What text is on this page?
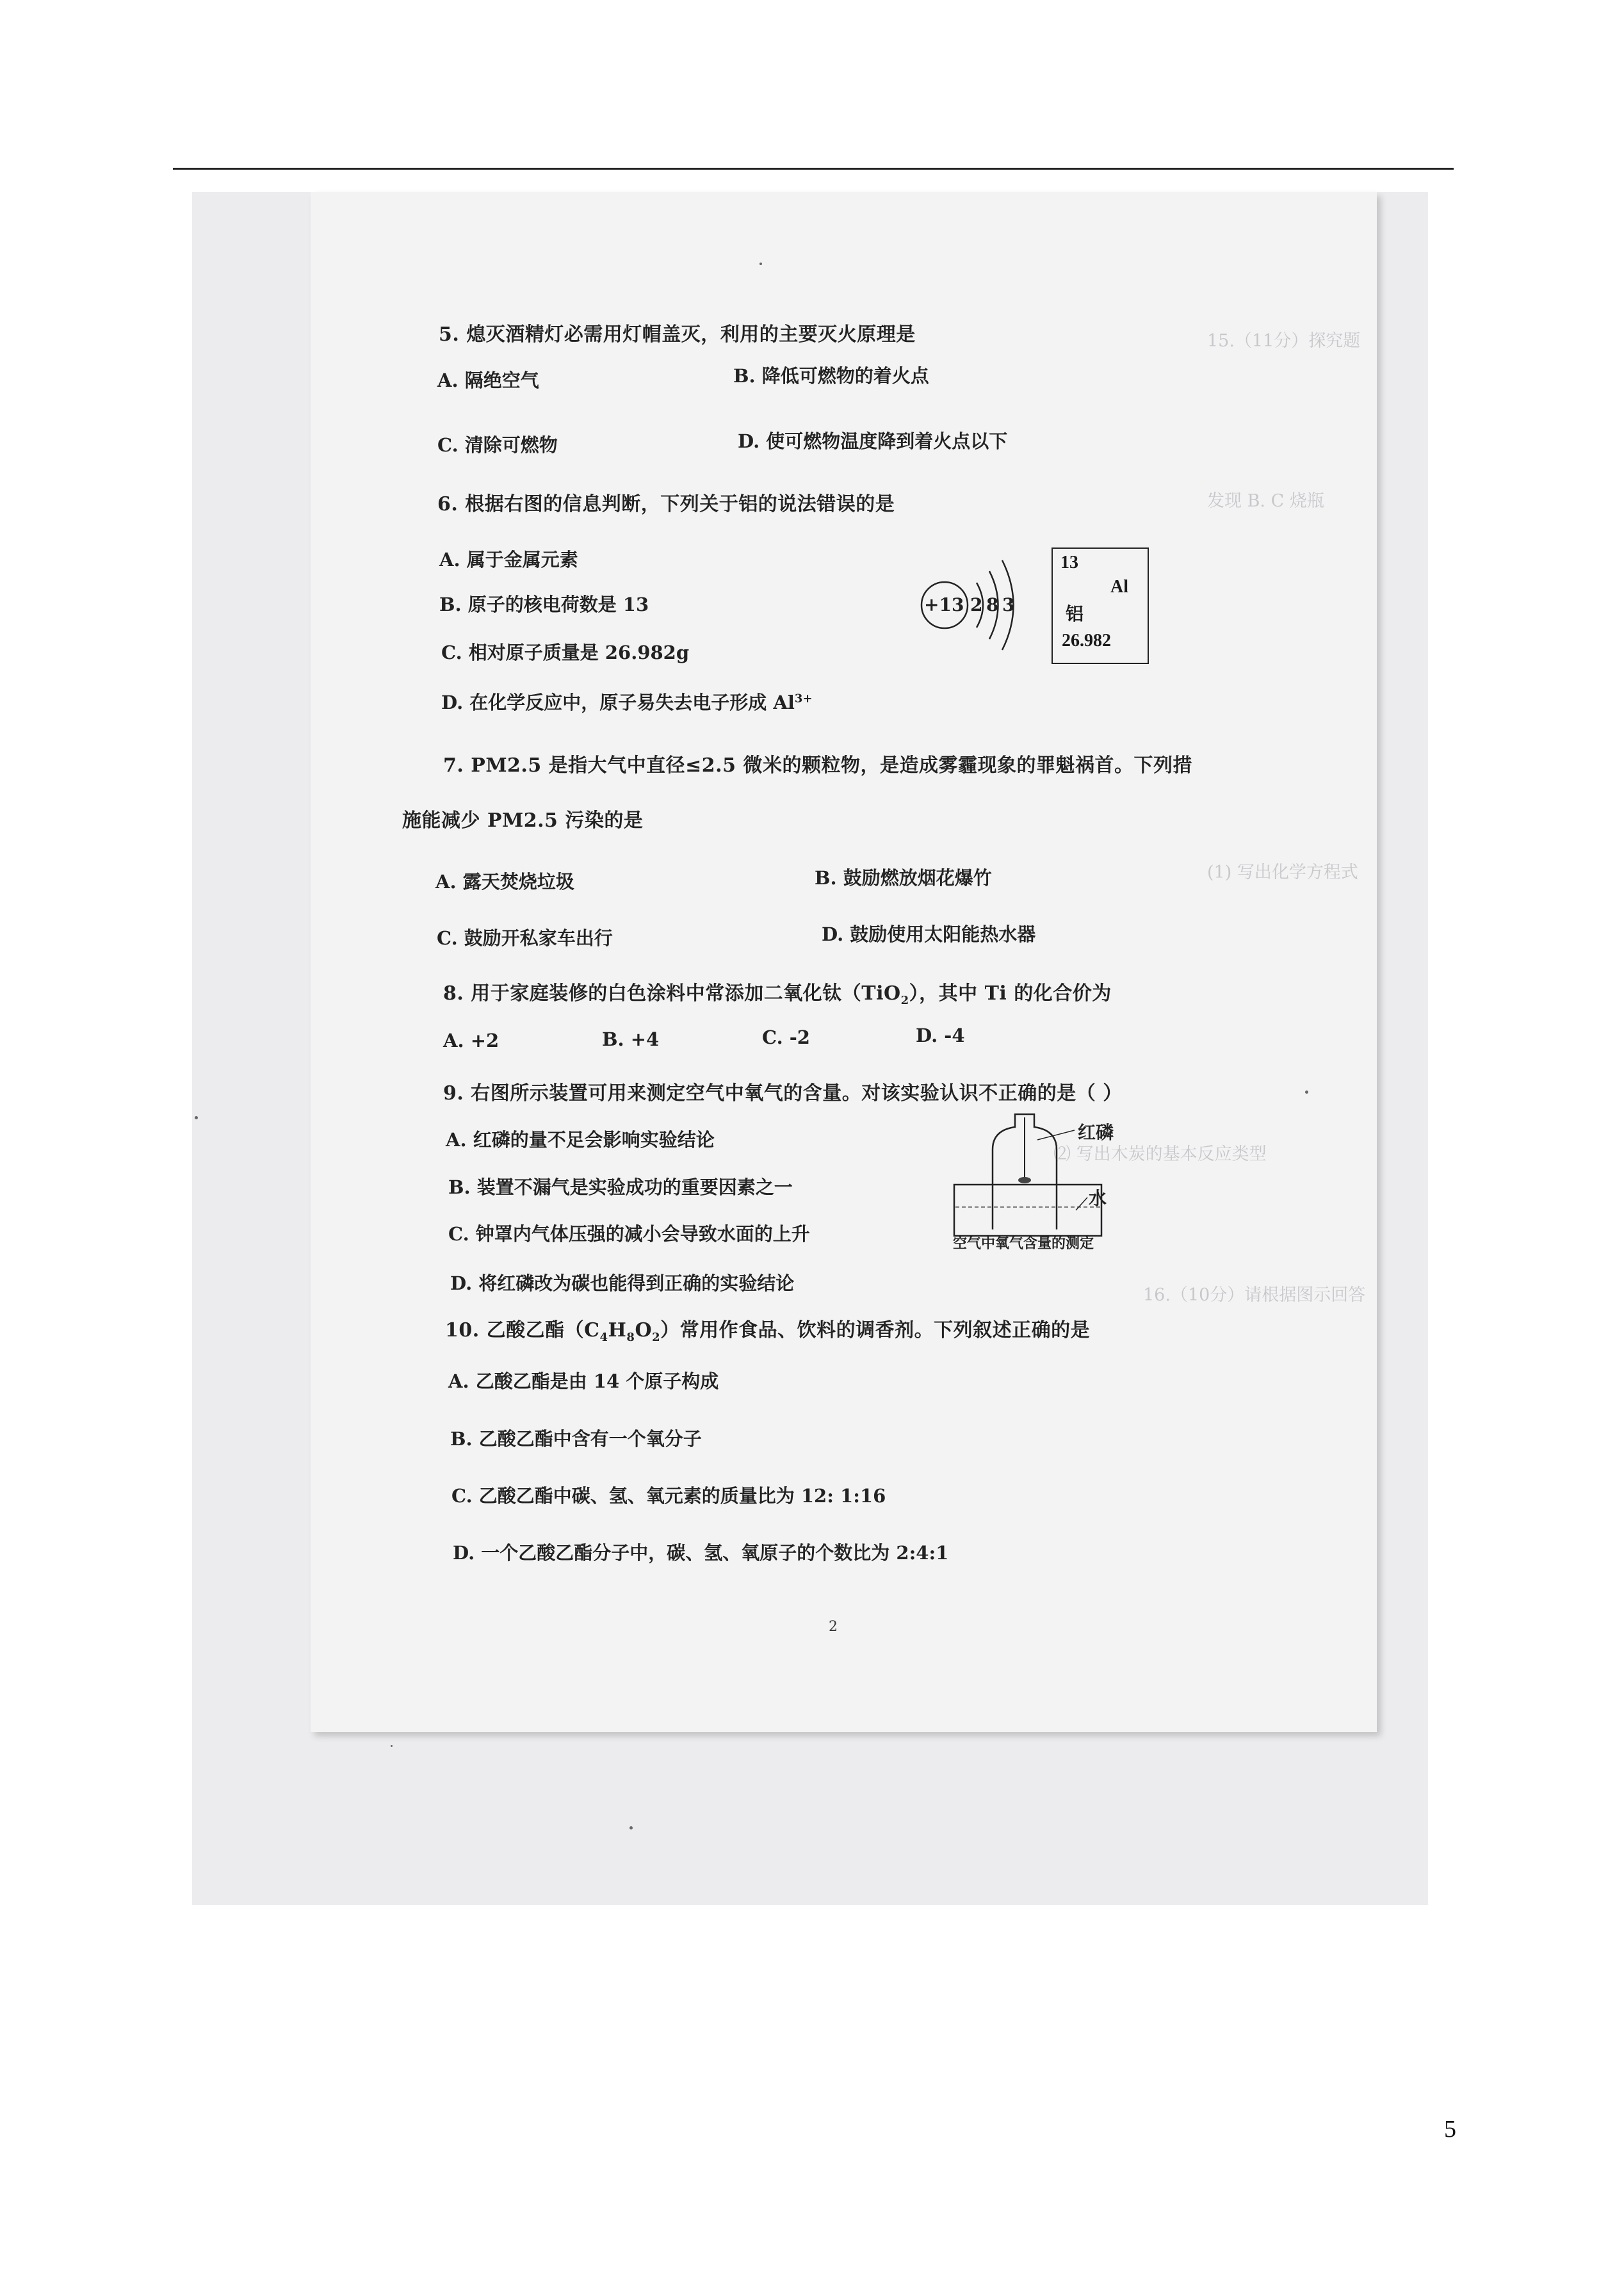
15.（11分）探究题
发现 B. C 烧瓶
(1) 写出化学方程式
⑵ 写出木炭的基本反应类型
16.（10分）请根据图示回答
5. 熄灭酒精灯必需用灯帽盖灭，利用的主要灭火原理是
A. 隔绝空气	B. 降低可燃物的着火点
C. 清除可燃物	D. 使可燃物温度降到着火点以下
6. 根据右图的信息判断，下列关于铝的说法错误的是
A. 属于金属元素
B. 原子的核电荷数是 13
C. 相对原子质量是 26.982g
D. 在化学反应中，原子易失去电子形成 $Al^{3+}$
+13 2 8 3
13
Al
铝
26.982
7. PM2.5 是指大气中直径≤2.5 微米的颗粒物，是造成雾霾现象的罪魁祸首。下列措
施能减少 PM2.5 污染的是
A. 露天焚烧垃圾	B. 鼓励燃放烟花爆竹
C. 鼓励开私家车出行	D. 鼓励使用太阳能热水器
8. 用于家庭装修的白色涂料中常添加二氧化钛（TiO$_2$），其中 Ti 的化合价为
A. +2	B. +4	C. -2	D. -4
9. 右图所示装置可用来测定空气中氧气的含量。对该实验认识不正确的是（ ）
A. 红磷的量不足会影响实验结论
B. 装置不漏气是实验成功的重要因素之一
C. 钟罩内气体压强的减小会导致水面的上升
D. 将红磷改为碳也能得到正确的实验结论
红磷
水
空气中氧气含量的测定
10. 乙酸乙酯$(C_4H_8O_2)$常用作食品、饮料的调香剂。下列叙述正确的是
A. 乙酸乙酯是由 14 个原子构成
B. 乙酸乙酯中含有一个氧分子
C. 乙酸乙酯中碳、氢、氧元素的质量比为 12: 1:16
D. 一个乙酸乙酯分子中，碳、氢、氧原子的个数比为 2:4:1
2
5
